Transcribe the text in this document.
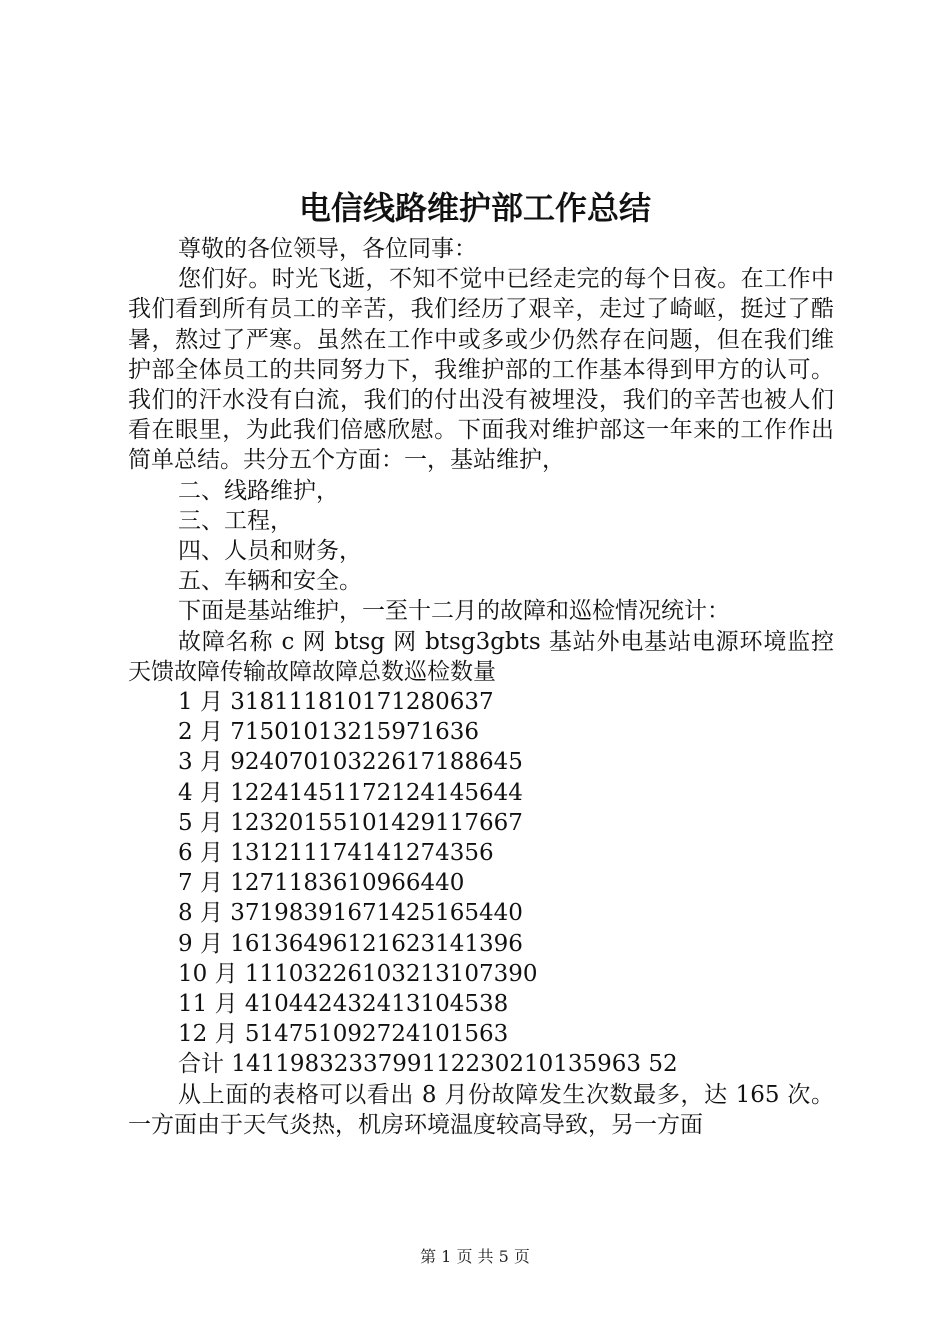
电信线路维护部工作总结

尊敬的各位领导，各位同事：

您们好。时光飞逝，不知不觉中已经走完的每个日夜。在工作中我们看到所有员工的辛苦，我们经历了艰辛，走过了崎岖，挺过了酷暑，熬过了严寒。虽然在工作中或多或少仍然存在问题，但在我们维护部全体员工的共同努力下，我维护部的工作基本得到甲方的认可。我们的汗水没有白流，我们的付出没有被埋没，我们的辛苦也被人们看在眼里，为此我们倍感欣慰。下面我对维护部这一年来的工作作出简单总结。共分五个方面：一，基站维护，

二、线路维护，

三、工程，

四、人员和财务，

五、车辆和安全。

下面是基站维护，一至十二月的故障和巡检情况统计：

故障名称 c 网 btsg 网 btsg3gbts 基站外电基站电源环境监控天馈故障传输故障故障总数巡检数量

1 月 318111810171280637

2 月 71501013215971636

3 月 92407010322617188645

4 月 12241451172124145644

5 月 12320155101429117667

6 月 131211174141274356

7 月 1271183610966440

8 月 37198391671425165440

9 月 16136496121623141396

10 月 11103226103213107390

11 月 410442432413104538

12 月 514751092724101563

合计 1411983233799112230210135963 52

从上面的表格可以看出 8 月份故障发生次数最多，达 165 次。一方面由于天气炎热，机房环境温度较高导致，另一方面

第 1 页 共 5 页
